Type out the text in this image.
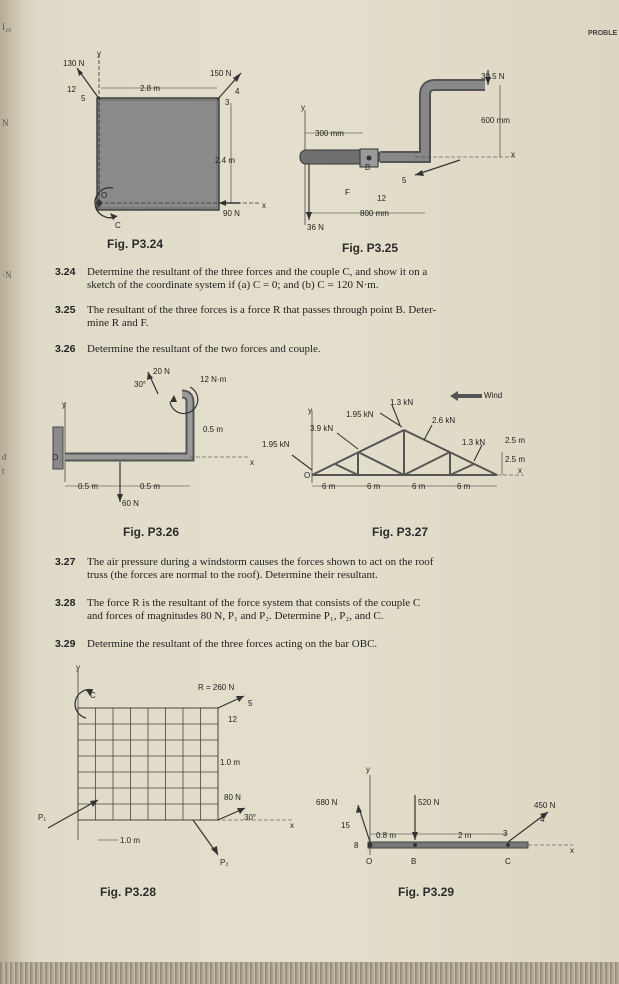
I₂₀
N
·N
d
t
PROBLE
y
x
130 N
12
5
2.8 m
150 N
4
3
2.4 m
90 N
O
C
Fig. P3.24
y
300 mm
B
36 N
30.5 N
600 mm
x
F
5
12
800 mm
Fig. P3.25
3.24 Determine the resultant of the three forces and the couple C, and show it on a
sketch of the coordinate system if (a) C = 0; and (b) C = 120 N·m.
3.25 The resultant of the three forces is a force R that passes through point B. Deter-
mine R and F.
3.26 Determine the resultant of the two forces and couple.
y
O
x
20 N
30°
12 N·m
0.5 m
60 N
0.5 m	0.5 m
Fig. P3.26
y
O
x
Wind
1.95 kN
3.9 kN
1.95 kN
1.3 kN
2.6 kN
1.3 kN 2.5 m
2.5 m
6 m	6 m	6 m	6 m
Fig. P3.27
3.27 The air pressure during a windstorm causes the forces shown to act on the roof
truss (the forces are normal to the roof). Determine their resultant.
3.28 The force R is the resultant of the force system that consists of the couple C
and forces of magnitudes 80 N, P₁ and P₂. Determine P₁, P₂, and C.
3.29 Determine the resultant of the three forces acting on the bar OBC.
y
C
R = 260 N
5
12
1.0 m
80 N
30°
P₁
P₂
x
1.0 m
Fig. P3.28
y
x
O	B	C
680 N
15
8
520 N	450 N
4
3
0.8 m	2 m
Fig. P3.29
